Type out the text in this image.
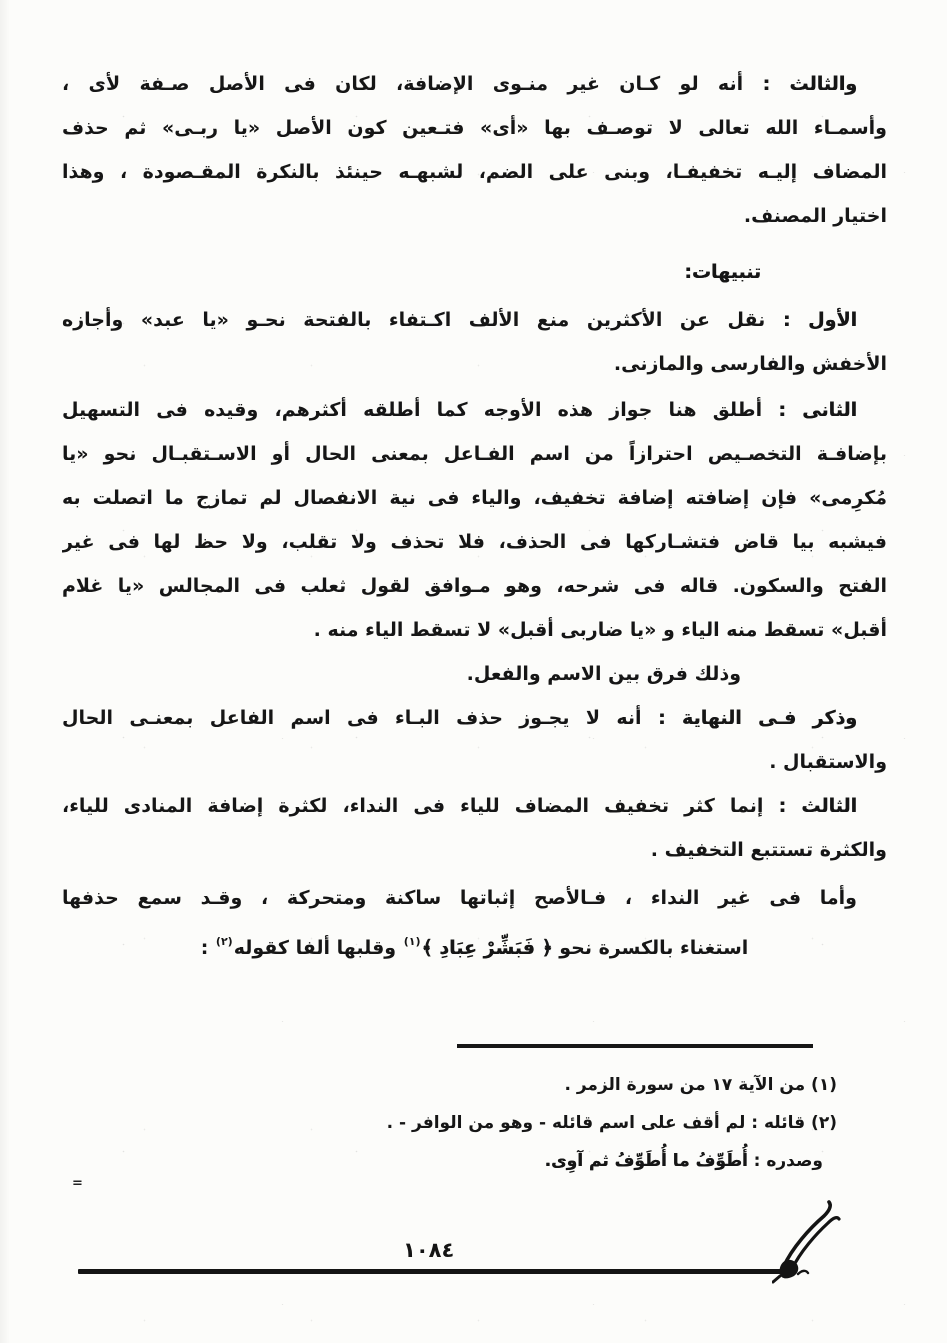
والثالث : أنه لو كـان غير منـوى الإضافة، لكان فى الأصل صـفة لأى ،
وأسمـاء الله تعالى لا توصـف بها «أى» فتـعين كون الأصل «يا ربـى» ثم حذف
المضاف إليـه تخفيفـا، وبنى على الضم، لشبهـه حينئذ بالنكرة المقـصودة ، وهذا
اختيار المصنف.
تنبيهات:
الأول : نقل عن الأكثرين منع الألف اكـتفاء بالفتحة نحـو «يا عبد» وأجازه
الأخفش والفارسى والمازنى.
الثانى : أطلق هنا جواز هذه الأوجه كما أطلقه أكثرهم، وقيده فى التسهيل
بإضافـة التخصـيص احترازاً من اسم الفـاعل بمعنى الحال أو الاسـتقبـال نحو «يا
مُكرِمى» فإن إضافته إضافة تخفيف، والياء فى نية الانفصال لم تمازج ما اتصلت به
فيشبه بيا قاض فتشـاركها فى الحذف، فلا تحذف ولا تقلب، ولا حظ لها فى غير
الفتح والسكون. قاله فى شرحه، وهو مـوافق لقول ثعلب فى المجالس «يا غلام
أقبل» تسقط منه الياء و «يا ضاربى أقبل» لا تسقط الياء منه .
وذلك فرق بين الاسم والفعل.
وذكر فـى النهاية : أنه لا يجـوز حذف البـاء فى اسم الفاعل بمعنـى الحال
والاستقبال .
الثالث : إنما كثر تخفيف المضاف للياء فى النداء، لكثرة إضافة المنادى للياء،
والكثرة تستتبع التخفيف .
وأما فى غير النداء ، فـالأصح إثباتها ساكنة ومتحركة ، وقـد سمع حذفها
استغناء بالكسرة نحو ﴿ فَبَشِّرْ عِبَادِ ﴾$^{(١)}$ وقلبها ألفا كقوله$^{(٢)}$ :
(١) من الآية ١٧ من سورة الزمر .
(٢) قائله : لم أقف على اسم قائله - وهو من الوافر - .
وصدره : أُطَوِّفُ ما أُطَوِّفُ ثم آوِى.
=
١٠٨٤
